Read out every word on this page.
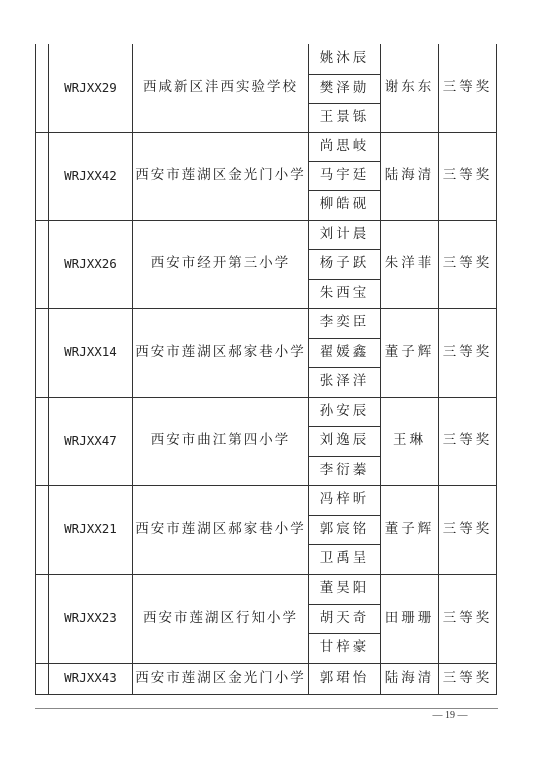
	WRJXX29	西咸新区沣西实验学校	姚沐辰	谢东东	三等奖
			樊泽勋		
			王景铄		
	WRJXX42	西安市莲湖区金光门小学	尚思岐	陆海清	三等奖
			马宇廷		
			柳皓砚		
	WRJXX26	西安市经开第三小学	刘计晨	朱洋菲	三等奖
			杨子跃		
			朱西宝		
	WRJXX14	西安市莲湖区郝家巷小学	李奕臣	董子辉	三等奖
			翟媛鑫		
			张泽洋		
	WRJXX47	西安市曲江第四小学	孙安辰	王琳	三等奖
			刘逸辰		
			李衍蓁		
	WRJXX21	西安市莲湖区郝家巷小学	冯梓昕	董子辉	三等奖
			郭宸铭		
			卫禹呈		
	WRJXX23	西安市莲湖区行知小学	董昊阳	田珊珊	三等奖
			胡天奇		
			甘梓豪		
	WRJXX43	西安市莲湖区金光门小学	郭珺怡	陆海清	三等奖
— 19 —
